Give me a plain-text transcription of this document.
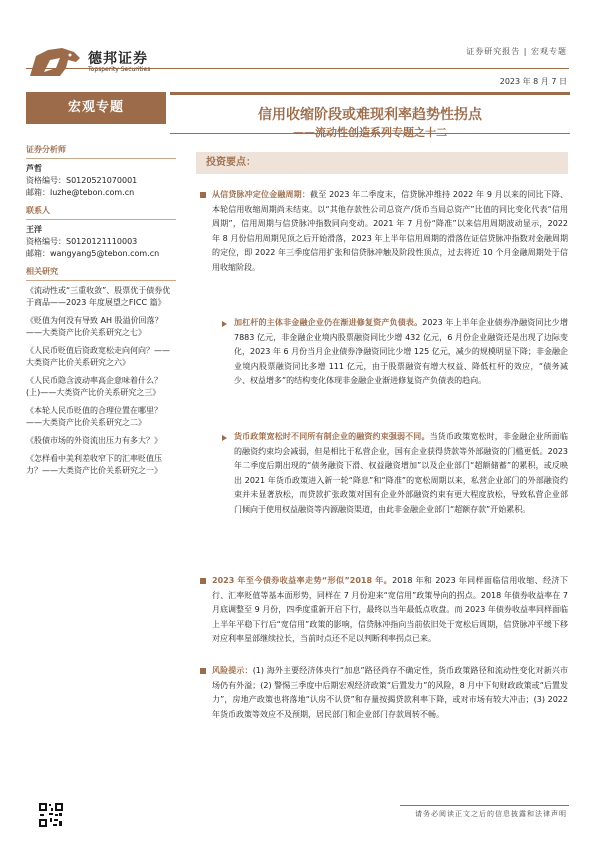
德邦证券
Topsperity Securities
证券研究报告 | 宏观专题
2023 年 8 月 7 日
宏观专题	信用收缩阶段或难现利率趋势性拐点
——流动性创造系列专题之十二
证券分析师
芦哲
资格编号：S0120521070001
邮箱：luzhe@tebon.com.cn
联系人
王洋
资格编号：S0120121110003
邮箱：wangyang5@tebon.com.cn
相关研究
《流动性或“三重收敛”、股票优于债券优于商品——2023 年度展望之FICC 篇》
《贬值为何没有导致 AH 股溢价回落？——大类资产比价关系研究之七》
《人民币贬值后资政宽松走向何向？——大类资产比价关系研究之六》
《人民币隐含波动率高企意味着什么？(上)——大类资产比价关系研究之三》
《本轮人民币贬值的合理位置在哪里？——大类资产比价关系研究之二》
《股债市场的外资流出压力有多大？》
《怎样看中美利差收窄下的汇率贬值压力？——大类资产比价关系研究之一》
投资要点：
从信贷脉冲定位金融周期：截至 2023 年二季度末，信贷脉冲维持 2022 年 9 月以来的同比下降、本轮信用收缩周期尚未结束。以“其他存款性公司总资产/货币当局总资产”比值的同比变化代表“信用周期”，信用周期与信贷脉冲指数同向变动。2021 年 7 月份“降准”以来信用周期波动显示，2022 年 8 月份信用周期见顶之后开始滑落，2023 年上半年信用周期的滑落佐证信贷脉冲指数对金融周期的定位，即 2022 年三季度信用扩张和信贷脉冲触及阶段性顶点，过去将近 10 个月金融周期处于信用收缩阶段。
加杠杆的主体非金融企业仍在渐进修复资产负债表。2023 年上半年企业债券净融资同比少增 7883 亿元，非金融企业境内股票融资同比少增 432 亿元，6 月份企业融资还是出现了边际变化，2023 年 6 月份当月企业债券净融资同比少增 125 亿元，减少的规模明显下降；非金融企业境内股票融资同比多增 111 亿元，由于股票融资有增大权益、降低杠杆的效应，“债务减少、权益增多”的结构变化体现非金融企业渐进修复资产负债表的趋向。
货币政策宽松时不同所有制企业的融资约束强弱不同。当货币政策宽松时，非金融企业所面临的融资约束均会减弱，但是相比于私营企业，国有企业获得贷款等外部融资的门槛更低。2023 年二季度后期出现的“债务融资下滑、权益融资增加”以及企业部门“超额储蓄”的累积，或反映出 2021 年货币政策进入新一轮“降息”和“降准”的宽松周期以来，私营企业部门的外部融资约束并未显著放松，而贷款扩张政策对国有企业外部融资约束有更大程度放松，导致私营企业部门倾向于使用权益融资等内源融资渠道，由此非金融企业部门“超额存款”开始累积。
2023 年至今债券收益率走势“形似”2018 年。2018 年和 2023 年同样面临信用收缩、经济下行、汇率贬值等基本面形势，同样在 7 月份迎来“宽信用”政策导向的拐点。2018 年债券收益率在 7 月底调整至 9 月份，四季度重新开启下行，最终以当年最低点收盘。而 2023 年债券收益率同样面临上半年平稳下行后“宽信用”政策的影响，信贷脉冲指向当前依旧处于宽松后周期，信贷脉冲平缓下移对应利率星部继续拉长，当前时点还不足以判断利率拐点已来。
风险提示：(1) 海外主要经济体央行“加息”路径尚存不确定性，货币政策路径和流动性变化对新兴市场仍有外溢；(2) 警惕三季度中后期宏观经济政策“后置发力”的风险，8 月中下旬财政政策或“后置发力”，房地产政策也将落地“认房不认贷”和存量按揭贷款利率下降，或对市场有较大冲击；(3) 2022 年货币政策等效应不及预期，居民部门和企业部门存款周转不畅。
请务必阅读正文之后的信息披露和法律声明
